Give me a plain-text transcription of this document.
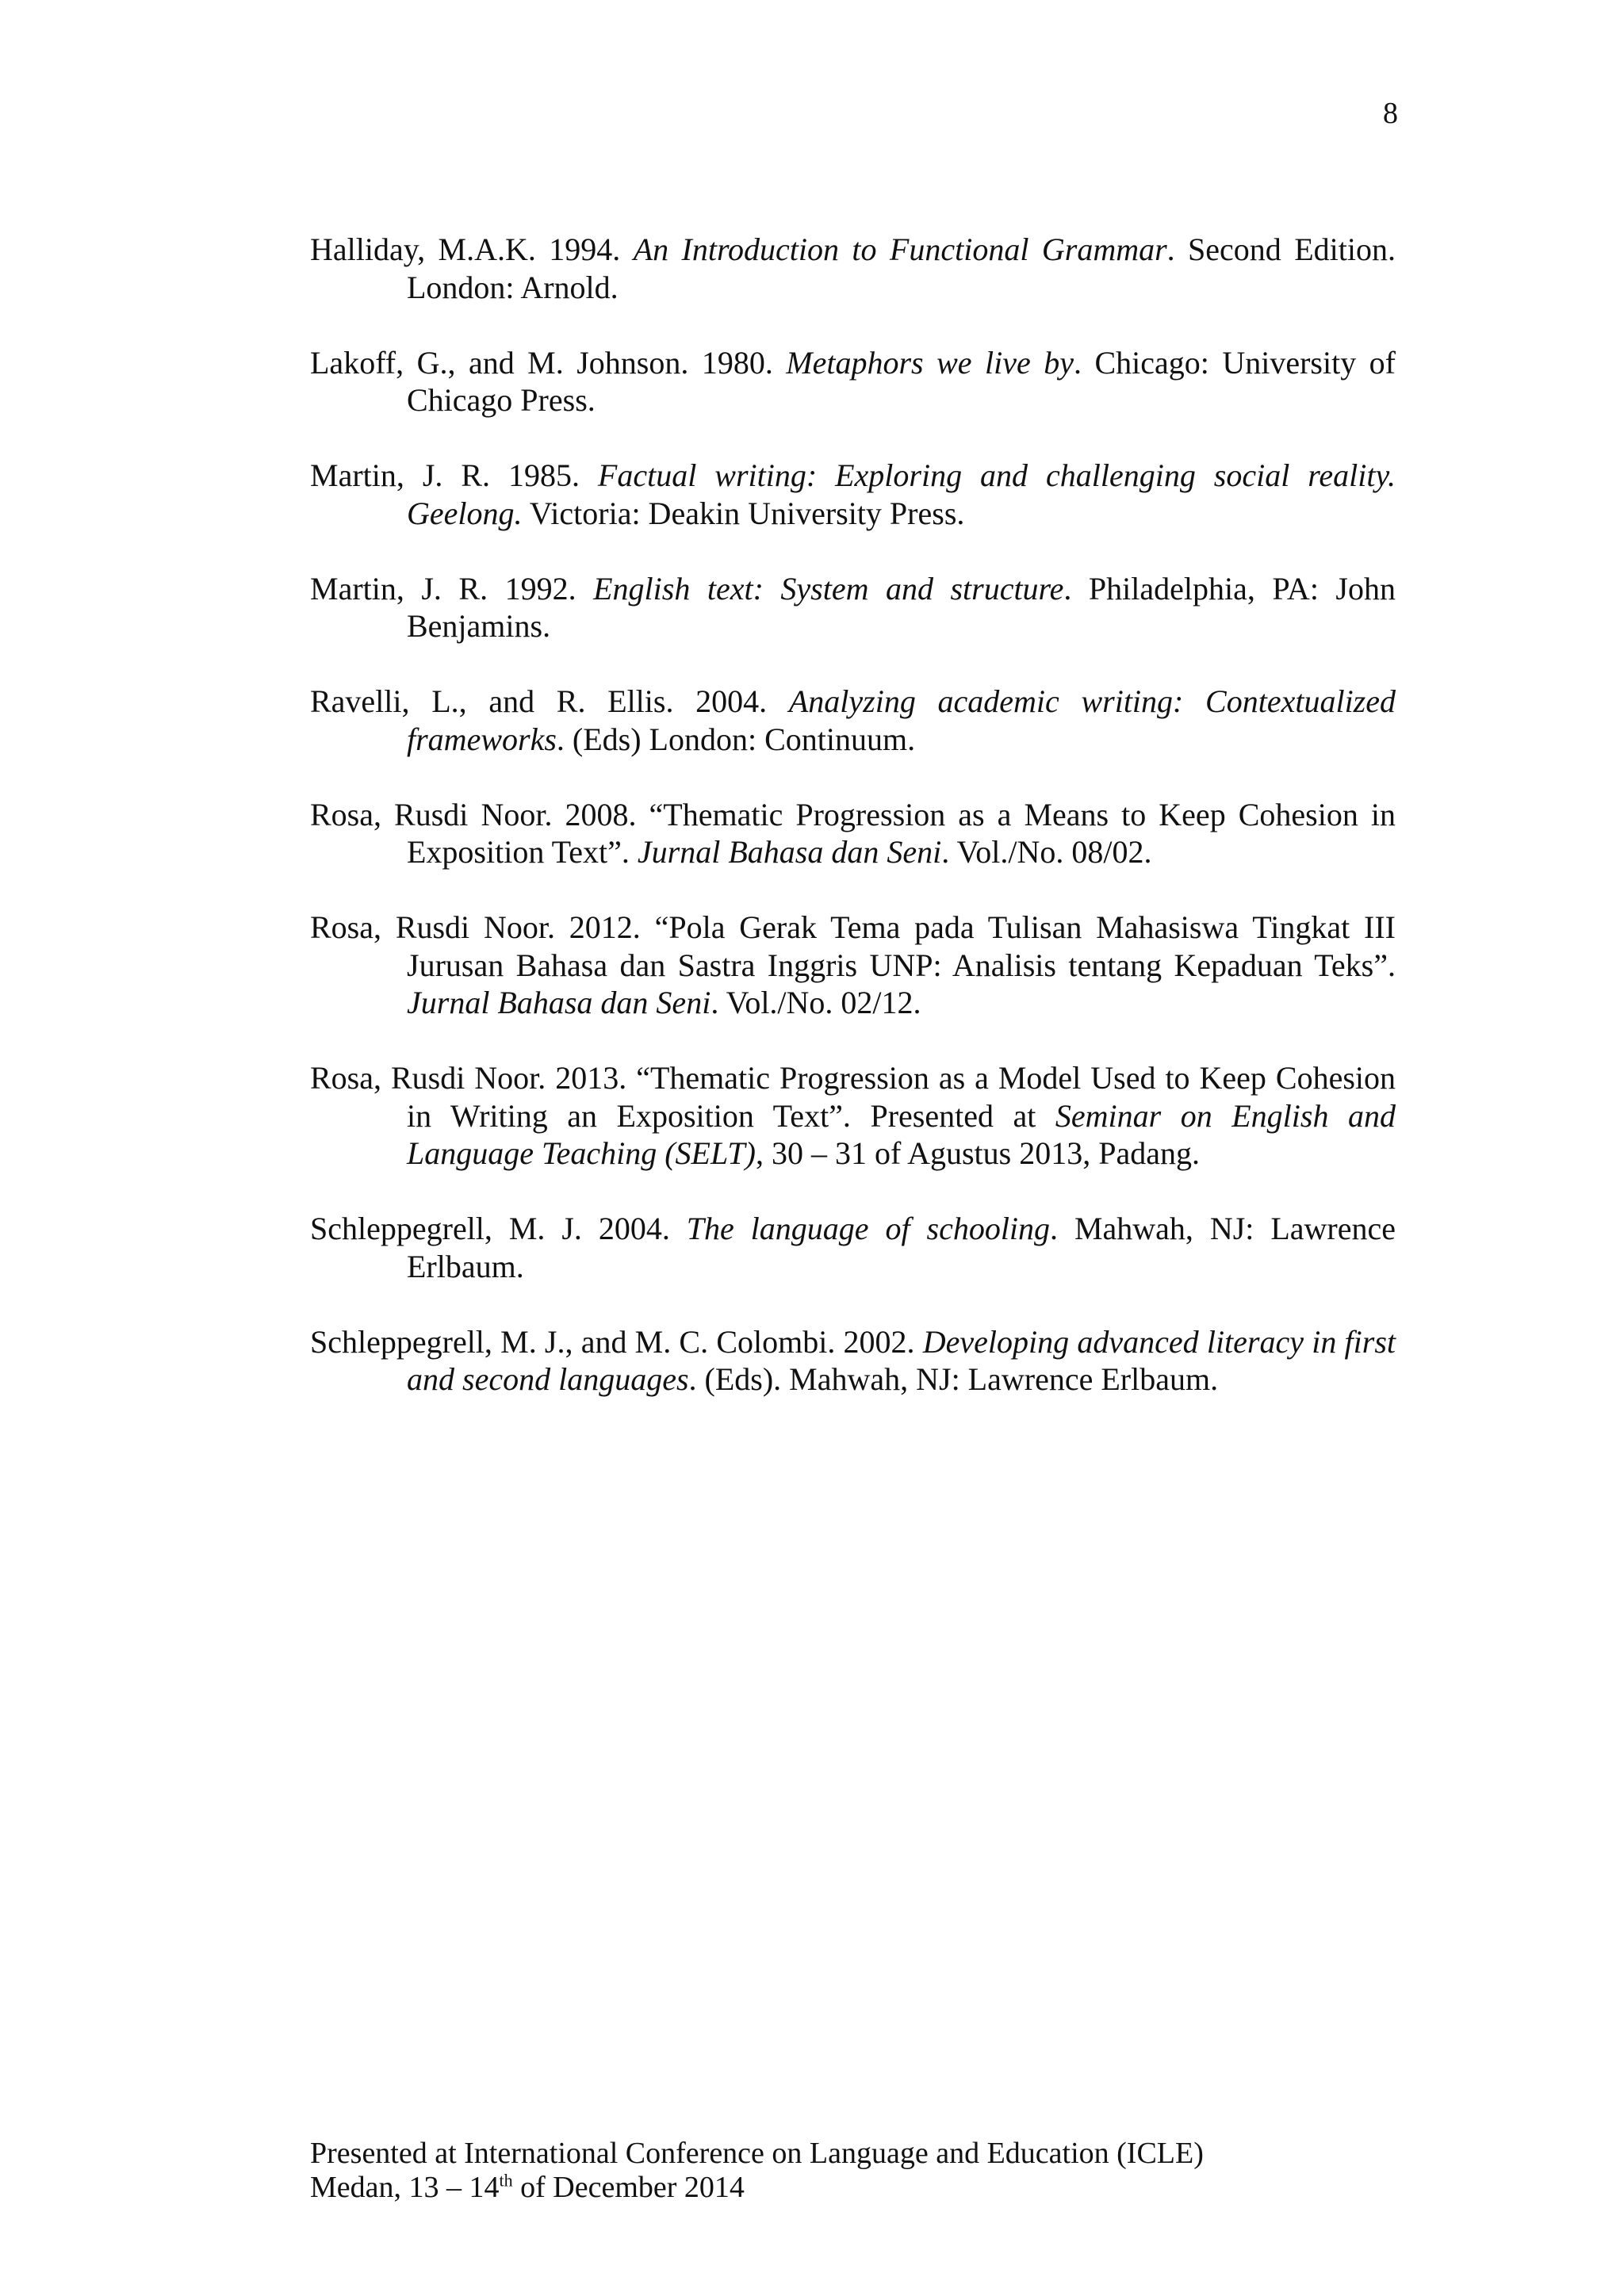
8

Halliday, M.A.K. 1994. An Introduction to Functional Grammar. Second Edition. London: Arnold.

Lakoff, G., and M. Johnson. 1980. Metaphors we live by. Chicago: University of Chicago Press.

Martin, J. R. 1985. Factual writing: Exploring and challenging social reality. Geelong. Victoria: Deakin University Press.

Martin, J. R. 1992. English text: System and structure. Philadelphia, PA: John Benjamins.

Ravelli, L., and R. Ellis. 2004. Analyzing academic writing: Contextualized frameworks. (Eds) London: Continuum.

Rosa, Rusdi Noor. 2008. “Thematic Progression as a Means to Keep Cohesion in Exposition Text”. Jurnal Bahasa dan Seni. Vol./No. 08/02.

Rosa, Rusdi Noor. 2012. “Pola Gerak Tema pada Tulisan Mahasiswa Tingkat III Jurusan Bahasa dan Sastra Inggris UNP: Analisis tentang Kepaduan Teks”. Jurnal Bahasa dan Seni. Vol./No. 02/12.

Rosa, Rusdi Noor. 2013. “Thematic Progression as a Model Used to Keep Cohesion in Writing an Exposition Text”. Presented at Seminar on English and Language Teaching (SELT), 30 – 31 of Agustus 2013, Padang.

Schleppegrell, M. J. 2004. The language of schooling. Mahwah, NJ: Lawrence Erlbaum.

Schleppegrell, M. J., and M. C. Colombi. 2002. Developing advanced literacy in first and second languages. (Eds). Mahwah, NJ: Lawrence Erlbaum.

Presented at International Conference on Language and Education (ICLE)
Medan, 13 – 14th of December 2014
